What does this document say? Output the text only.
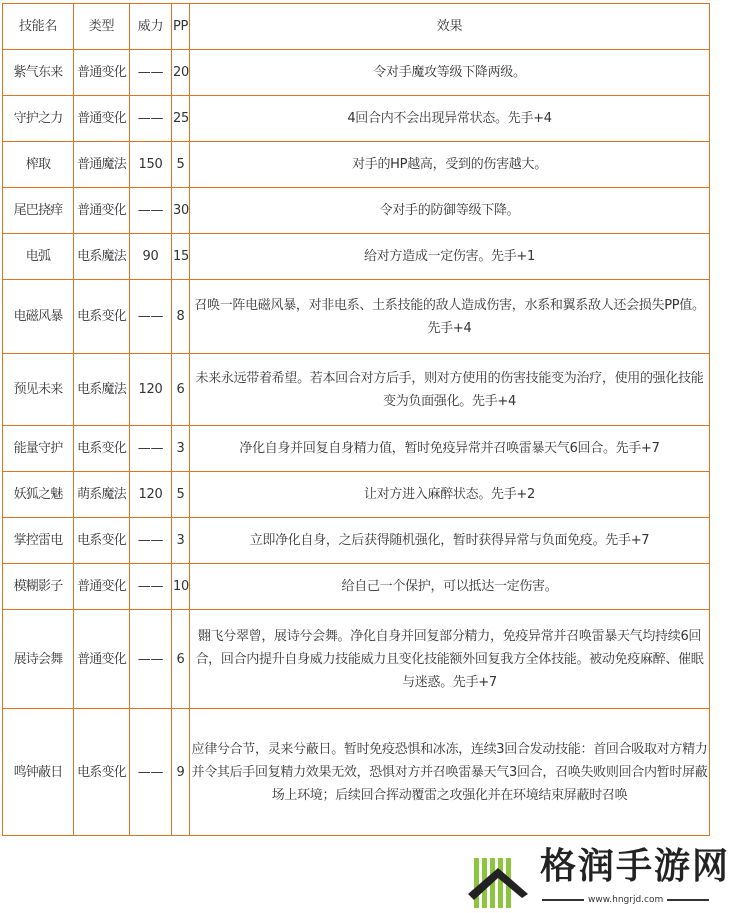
技能名	类型	威力	PP	效果
紫气东来	普通变化	——	20	令对手魔攻等级下降两级。
守护之力	普通变化	——	25	4回合内不会出现异常状态。先手+4
榨取	普通魔法	150	5	对手的HP越高，受到的伤害越大。
尾巴挠痒	普通变化	——	30	令对手的防御等级下降。
电弧	电系魔法	90	15	给对方造成一定伤害。先手+1
电磁风暴	电系变化	——	8	召唤一阵电磁风暴，对非电系、土系技能的敌人造成伤害，水系和翼系敌人还会损失PP值。先手+4
预见未来	电系魔法	120	6	未来永远带着希望。若本回合对方后手，则对方使用的伤害技能变为治疗，使用的强化技能变为负面强化。先手+4
能量守护	电系变化	——	3	净化自身并回复自身精力值，暂时免疫异常并召唤雷暴天气6回合。先手+7
妖狐之魅	萌系魔法	120	5	让对方进入麻醉状态。先手+2
掌控雷电	电系变化	——	3	立即净化自身，之后获得随机强化，暂时获得异常与负面免疫。先手+7
模糊影子	普通变化	——	10	给自己一个保护，可以抵达一定伤害。
展诗会舞	普通变化	——	6	翾飞兮翠曾，展诗兮会舞。净化自身并回复部分精力，免疫异常并召唤雷暴天气均持续6回合，回合内提升自身威力技能威力且变化技能额外回复我方全体技能。被动免疫麻醉、催眠与迷惑。先手+7
鸣钟蔽日	电系变化	——	9	应律兮合节，灵来兮蔽日。暂时免疫恐惧和冰冻，连续3回合发动技能：首回合吸取对方精力并令其后手回复精力效果无效，恐惧对方并召唤雷暴天气3回合，召唤失败则回合内暂时屏蔽场上环境；后续回合挥动覆雷之攻强化并在环境结束屏蔽时召唤
格润手游网
www.hngrjd.com
